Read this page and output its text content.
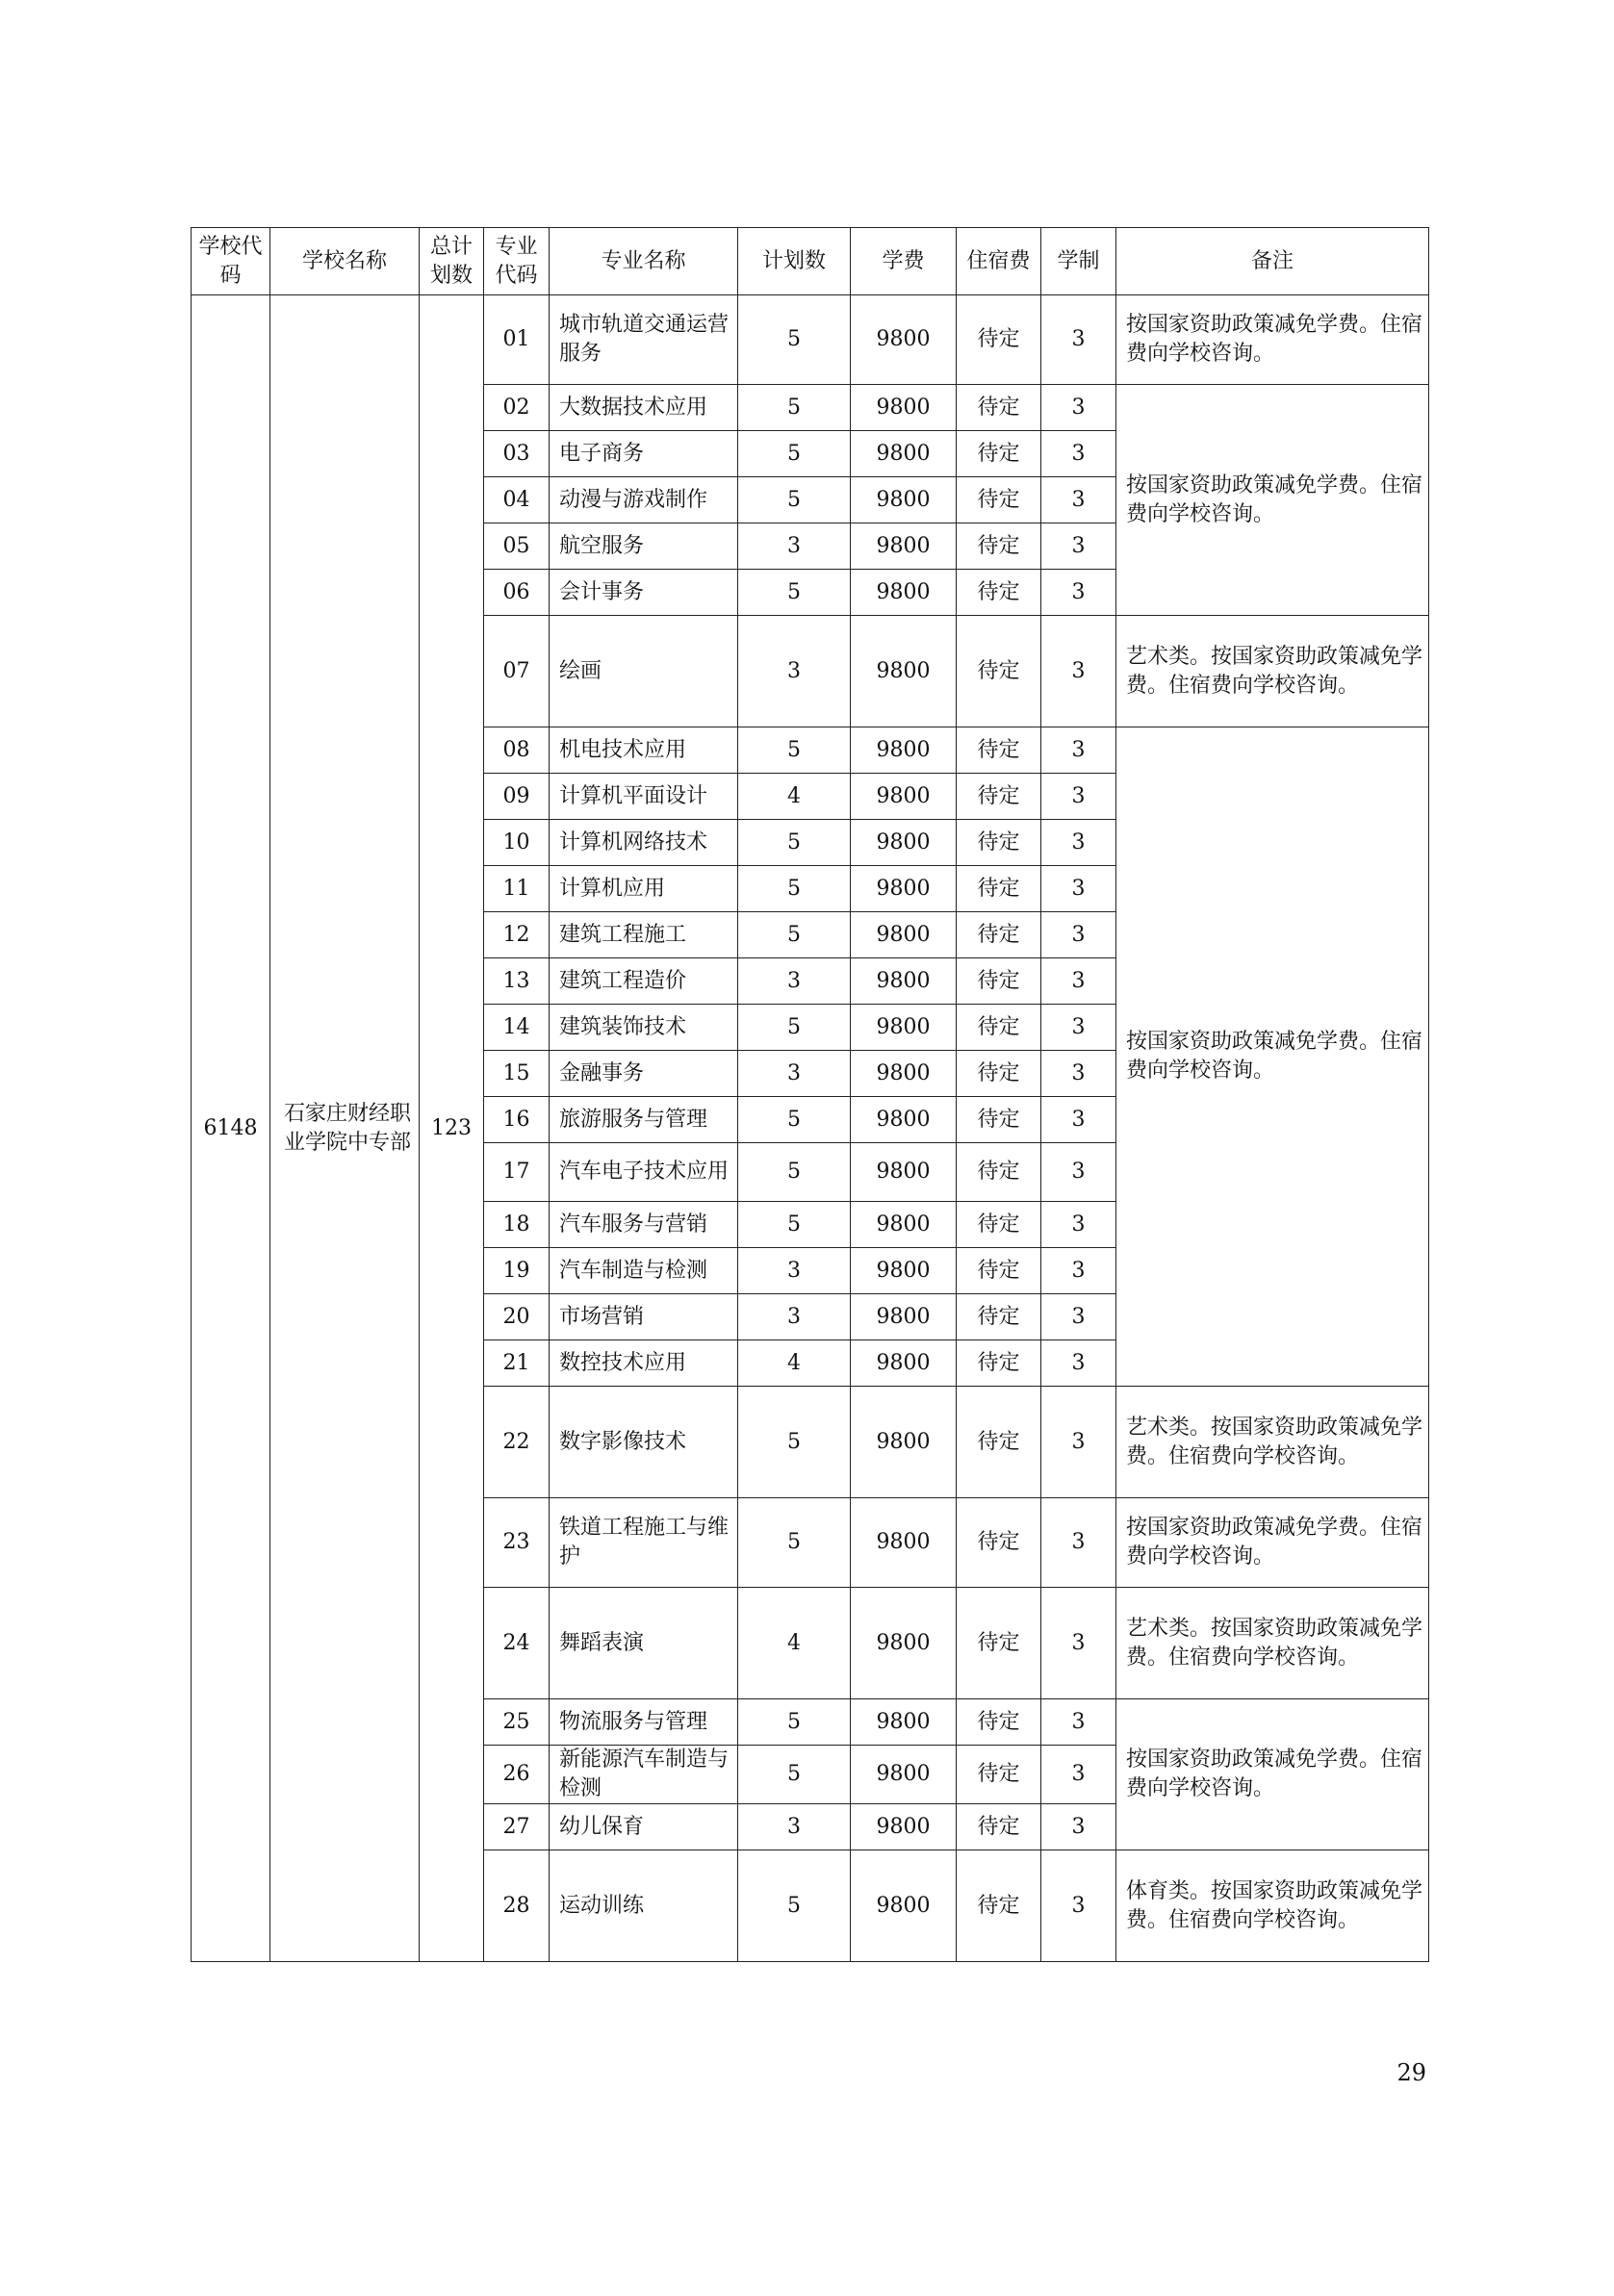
学校代码	学校名称	总计划数	专业代码	专业名称	计划数	学费	住宿费	学制	备注
6148	石家庄财经职业学院中专部	123	01	城市轨道交通运营服务	5	9800	待定	3	按国家资助政策减免学费。住宿费向学校咨询。
			02	大数据技术应用	5	9800	待定	3	按国家资助政策减免学费。住宿费向学校咨询。
			03	电子商务	5	9800	待定	3	
			04	动漫与游戏制作	5	9800	待定	3	
			05	航空服务	3	9800	待定	3	
			06	会计事务	5	9800	待定	3	
			07	绘画	3	9800	待定	3	艺术类。按国家资助政策减免学费。住宿费向学校咨询。
			08	机电技术应用	5	9800	待定	3	按国家资助政策减免学费。住宿费向学校咨询。
			09	计算机平面设计	4	9800	待定	3	
			10	计算机网络技术	5	9800	待定	3	
			11	计算机应用	5	9800	待定	3	
			12	建筑工程施工	5	9800	待定	3	
			13	建筑工程造价	3	9800	待定	3	
			14	建筑装饰技术	5	9800	待定	3	
			15	金融事务	3	9800	待定	3	
			16	旅游服务与管理	5	9800	待定	3	
			17	汽车电子技术应用	5	9800	待定	3	
			18	汽车服务与营销	5	9800	待定	3	
			19	汽车制造与检测	3	9800	待定	3	
			20	市场营销	3	9800	待定	3	
			21	数控技术应用	4	9800	待定	3	
			22	数字影像技术	5	9800	待定	3	艺术类。按国家资助政策减免学费。住宿费向学校咨询。
			23	铁道工程施工与维护	5	9800	待定	3	按国家资助政策减免学费。住宿费向学校咨询。
			24	舞蹈表演	4	9800	待定	3	艺术类。按国家资助政策减免学费。住宿费向学校咨询。
			25	物流服务与管理	5	9800	待定	3	按国家资助政策减免学费。住宿费向学校咨询。
			26	新能源汽车制造与检测	5	9800	待定	3	
			27	幼儿保育	3	9800	待定	3	
			28	运动训练	5	9800	待定	3	体育类。按国家资助政策减免学费。住宿费向学校咨询。
29
